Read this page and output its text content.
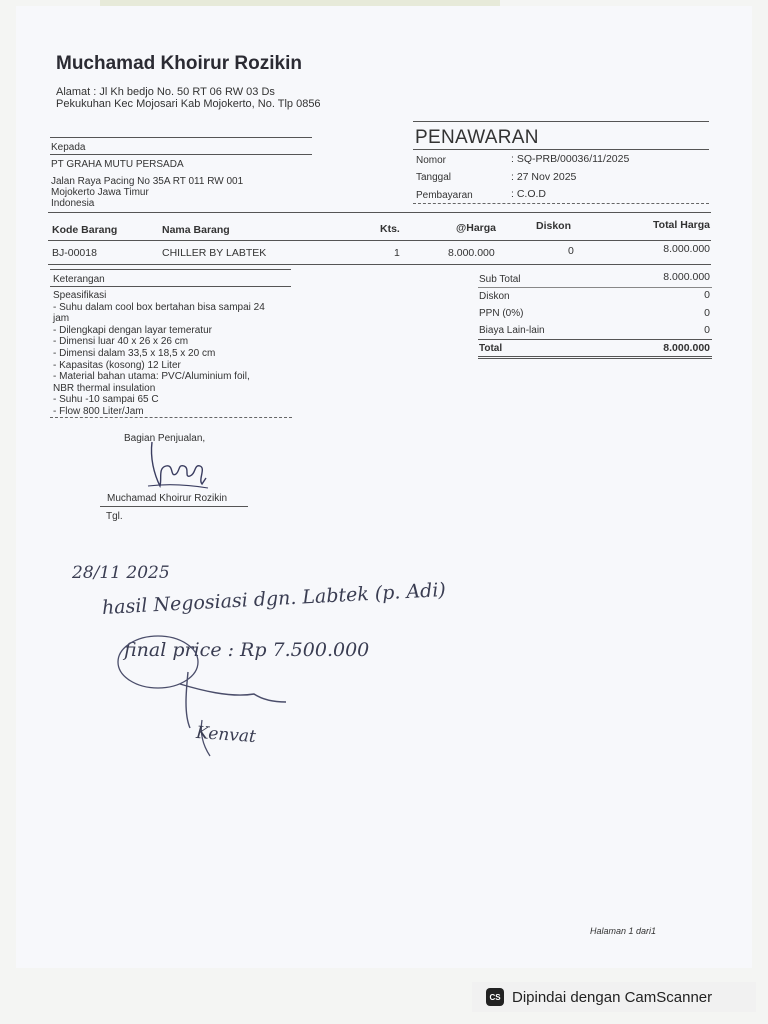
Muchamad Khoirur Rozikin
Alamat : Jl Kh bedjo No. 50 RT 06 RW 03 Ds
Pekukuhan Kec Mojosari Kab Mojokerto, No. Tlp 0856
Kepada
PT GRAHA MUTU PERSADA
Jalan Raya Pacing No 35A RT 011 RW 001
Mojokerto Jawa Timur
Indonesia
PENAWARAN
Nomor	: SQ-PRB/00036/11/2025
Tanggal	: 27 Nov 2025
Pembayaran	: C.O.D
Kode Barang	Nama Barang	Kts.	@Harga	Diskon	Total Harga
BJ-00018	CHILLER BY LABTEK	1	8.000.000	0	8.000.000
Keterangan
Speasifikasi
- Suhu dalam cool box bertahan bisa sampai 24
jam
- Dilengkapi dengan layar temeratur
- Dimensi luar 40 x 26 x 26 cm
- Dimensi dalam 33,5 x 18,5 x 20 cm
- Kapasitas (kosong) 12 Liter
- Material bahan utama: PVC/Aluminium foil,
NBR thermal insulation
- Suhu -10 sampai 65 C
- Flow 800 Liter/Jam
Sub Total	8.000.000
Diskon	0
PPN (0%)	0
Biaya Lain-lain	0
Total	8.000.000
Bagian Penjualan,
Muchamad Khoirur Rozikin
Tgl.
28/11 2025
hasil Negosiasi dgn. Labtek (p. Adi)
final price : Rp 7.500.000
Kenvat
Halaman 1 dari1
CS Dipindai dengan CamScanner
